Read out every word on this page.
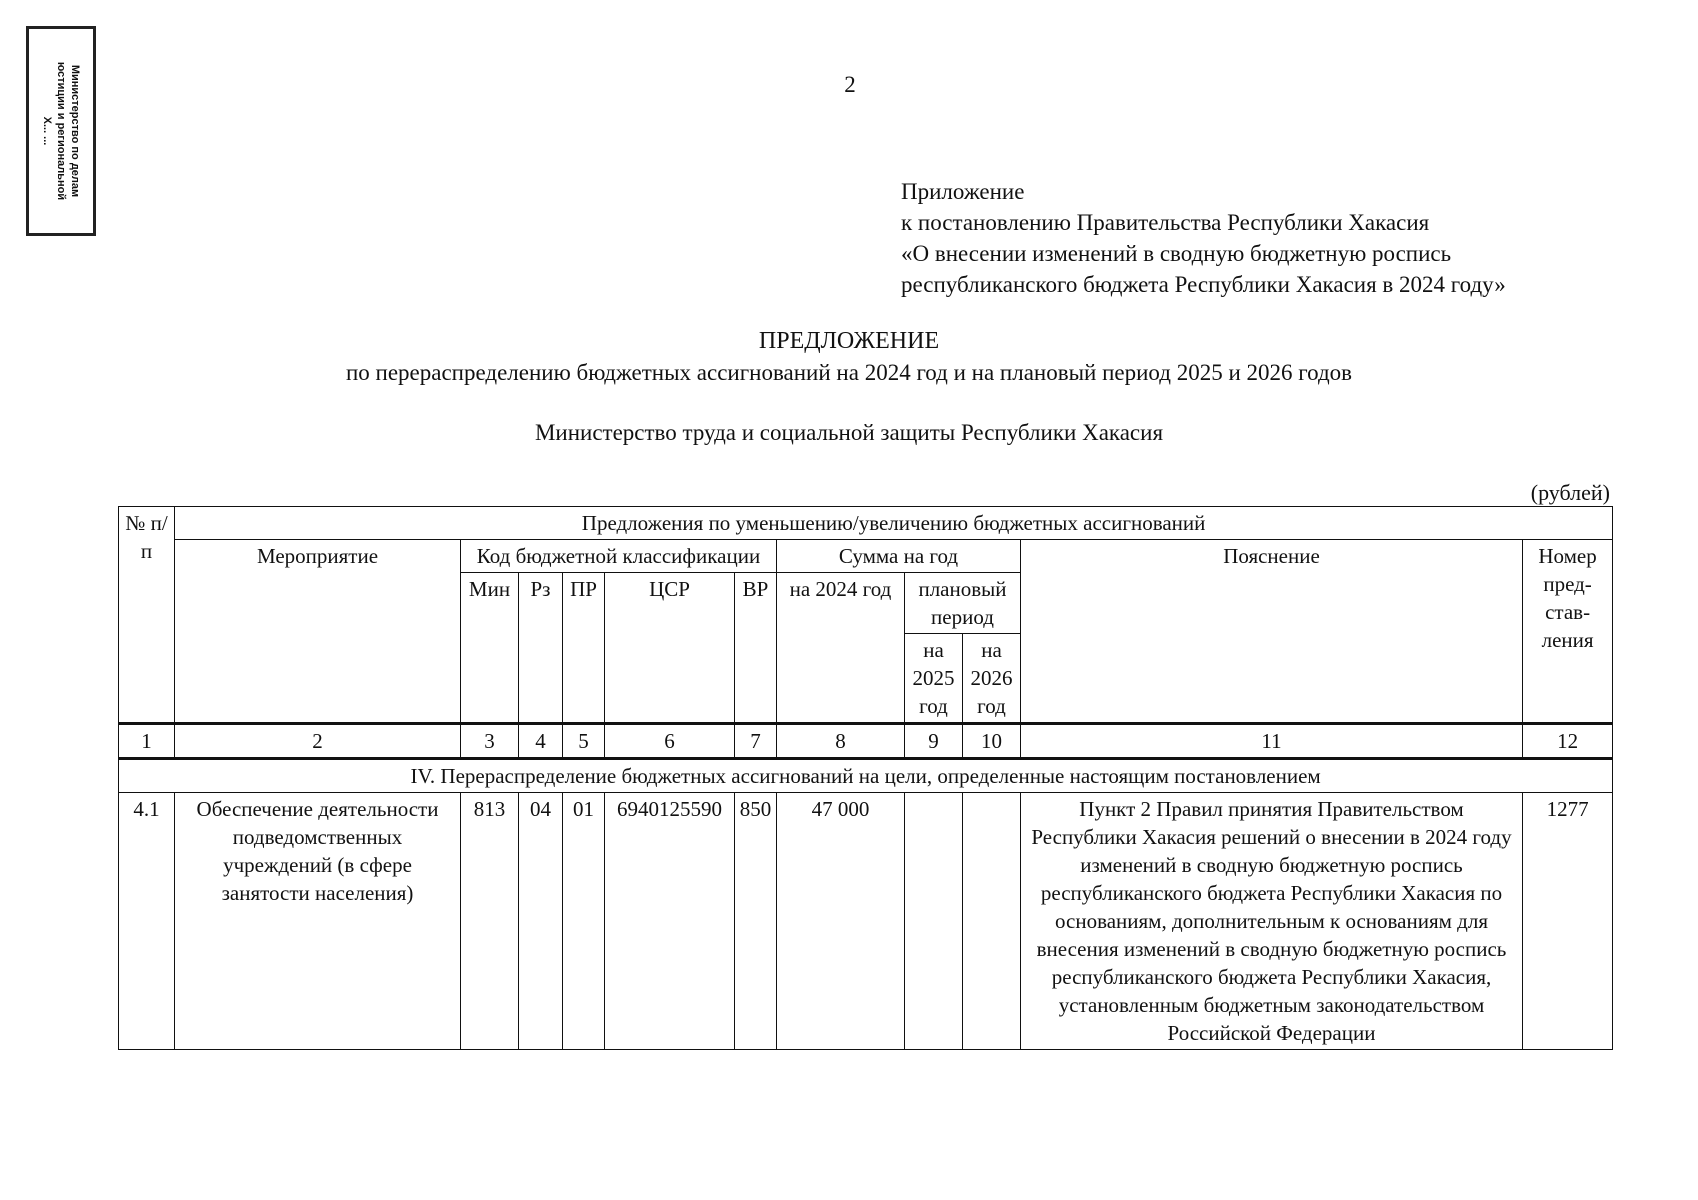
Министерство по делам
юстиции и региональной
Х... ...
2
Приложение
к постановлению Правительства Республики Хакасия
«О внесении изменений в сводную бюджетную роспись
республиканского бюджета Республики Хакасия в 2024 году»
ПРЕДЛОЖЕНИЕ
по перераспределению бюджетных ассигнований на 2024 год и на плановый период 2025 и 2026 годов
Министерство труда и социальной защиты Республики Хакасия
(рублей)
№ п/п	Предложения по уменьшению/увеличению бюджетных ассигнований										
	Мероприятие	Код бюджетной классификации					Сумма на год			Пояснение	Номер пред-став-ления
		Мин	Рз	ПР	ЦСР	ВР	на 2024 год	плановый период			
								на 2025 год	на 2026 год		

1	2	3	4	5	6	7	8	9	10	11	12
IV. Перераспределение бюджетных ассигнований на цели, определенные настоящим постановлением											
4.1	Обеспечение деятельности подведомственных учреждений (в сфере занятости населения)	813	04	01	6940125590	850	47 000			Пункт 2 Правил принятия Правительством Республики Хакасия решений о внесении в 2024 году изменений в сводную бюджетную роспись республиканского бюджета Республики Хакасия по основаниям, дополнительным к основаниям для внесения изменений в сводную бюджетную роспись республиканского бюджета Республики Хакасия, установленным бюджетным законодательством Российской Федерации	1277
